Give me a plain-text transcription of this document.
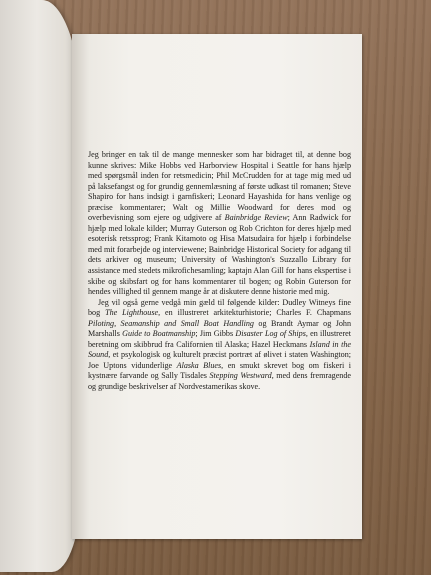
Jeg bringer en tak til de mange mennesker som har bidraget til, at denne bog kunne skrives: Mike Hobbs ved Harborview Hospital i Seattle for hans hjælp med spørgsmål inden for retsmedicin; Phil McCrudden for at tage mig med ud på laksefangst og for grundig gennemlæsning af første udkast til romanen; Steve Shapiro for hans indsigt i garnfiskeri; Leonard Hayashida for hans venlige og præcise kommentarer; Walt og Millie Woodward for deres mod og overbevisning som ejere og udgivere af Bainbridge Review; Ann Radwick for hjælp med lokale kilder; Murray Guterson og Rob Crichton for deres hjælp med esoterisk retssprog; Frank Kitamoto og Hisa Matsudaira for hjælp i forbindelse med mit forarbejde og interviewene; Bainbridge Historical Society for adgang til dets arkiver og museum; University of Washington's Suzzallo Library for assistance med stedets mikrofichesamling; kaptajn Alan Gill for hans ekspertise i skibe og skibsfart og for hans kommentarer til bogen; og Robin Guterson for hendes villighed til gennem mange år at diskutere denne historie med mig.

Jeg vil også gerne vedgå min gæld til følgende kilder: Dudley Witneys fine bog The Lighthouse, en illustreret arkitekturhistorie; Charles F. Chapmans Piloting, Seamanship and Small Boat Handling og Brandt Aymar og John Marshalls Guide to Boatmanship; Jim Gibbs Disaster Log of Ships, en illustreret beretning om skibbrud fra Californien til Alaska; Hazel Heckmans Island in the Sound, et psykologisk og kulturelt præcist portræt af ølivet i staten Washington; Joe Uptons vidunderlige Alaska Blues, en smukt skrevet bog om fiskeri i kystnære farvande og Sally Tisdales Stepping Westward, med dens fremragende og grundige beskrivelser af Nordvestamerikas skove.
